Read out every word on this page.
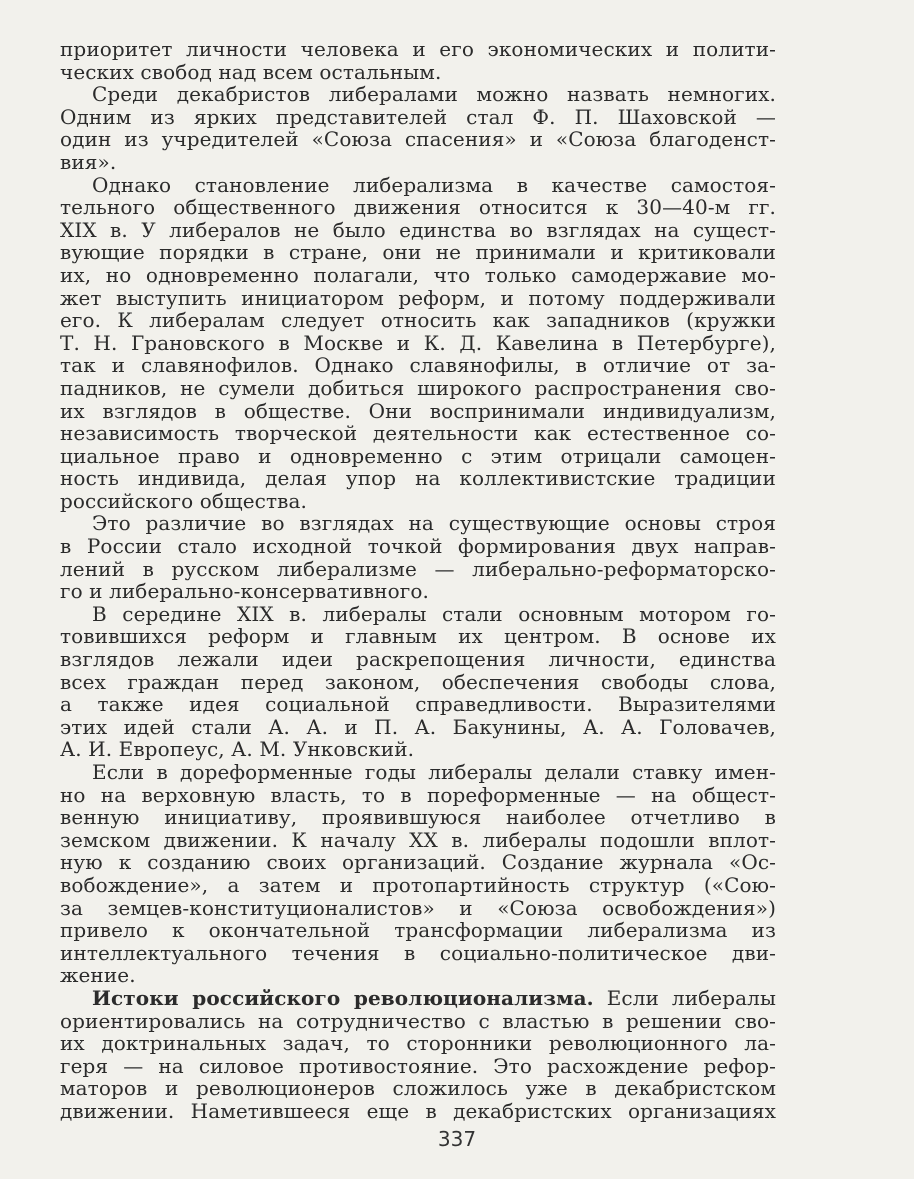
приоритет личности человека и его экономических и полити-
ческих свобод над всем остальным.
Среди декабристов либералами можно назвать немногих.
Одним из ярких представителей стал Ф. П. Шаховской —
один из учредителей «Союза спасения» и «Союза благоденст-
вия».
Однако становление либерализма в качестве самостоя-
тельного общественного движения относится к 30—40-м гг.
XIX в. У либералов не было единства во взглядах на сущест-
вующие порядки в стране, они не принимали и критиковали
их, но одновременно полагали, что только самодержавие мо-
жет выступить инициатором реформ, и потому поддерживали
его. К либералам следует относить как западников (кружки
Т. Н. Грановского в Москве и К. Д. Кавелина в Петербурге),
так и славянофилов. Однако славянофилы, в отличие от за-
падников, не сумели добиться широкого распространения сво-
их взглядов в обществе. Они воспринимали индивидуализм,
независимость творческой деятельности как естественное со-
циальное право и одновременно с этим отрицали самоцен-
ность индивида, делая упор на коллективистские традиции
российского общества.
Это различие во взглядах на существующие основы строя
в России стало исходной точкой формирования двух направ-
лений в русском либерализме — либерально-реформаторско-
го и либерально-консервативного.
В середине XIX в. либералы стали основным мотором го-
товившихся реформ и главным их центром. В основе их
взглядов лежали идеи раскрепощения личности, единства
всех граждан перед законом, обеспечения свободы слова,
а также идея социальной справедливости. Выразителями
этих идей стали А. А. и П. А. Бакунины, А. А. Головачев,
А. И. Европеус, А. М. Унковский.
Если в дореформенные годы либералы делали ставку имен-
но на верховную власть, то в пореформенные — на общест-
венную инициативу, проявившуюся наиболее отчетливо в
земском движении. К началу XX в. либералы подошли вплот-
ную к созданию своих организаций. Создание журнала «Ос-
вобождение», а затем и протопартийность структур («Сою-
за земцев-конституционалистов» и «Союза освобождения»)
привело к окончательной трансформации либерализма из
интеллектуального течения в социально-политическое дви-
жение.
Истоки российского революционализма. Если либералы
ориентировались на сотрудничество с властью в решении сво-
их доктринальных задач, то сторонники революционного ла-
геря — на силовое противостояние. Это расхождение рефор-
маторов и революционеров сложилось уже в декабристском
движении. Наметившееся еще в декабристских организациях
337
